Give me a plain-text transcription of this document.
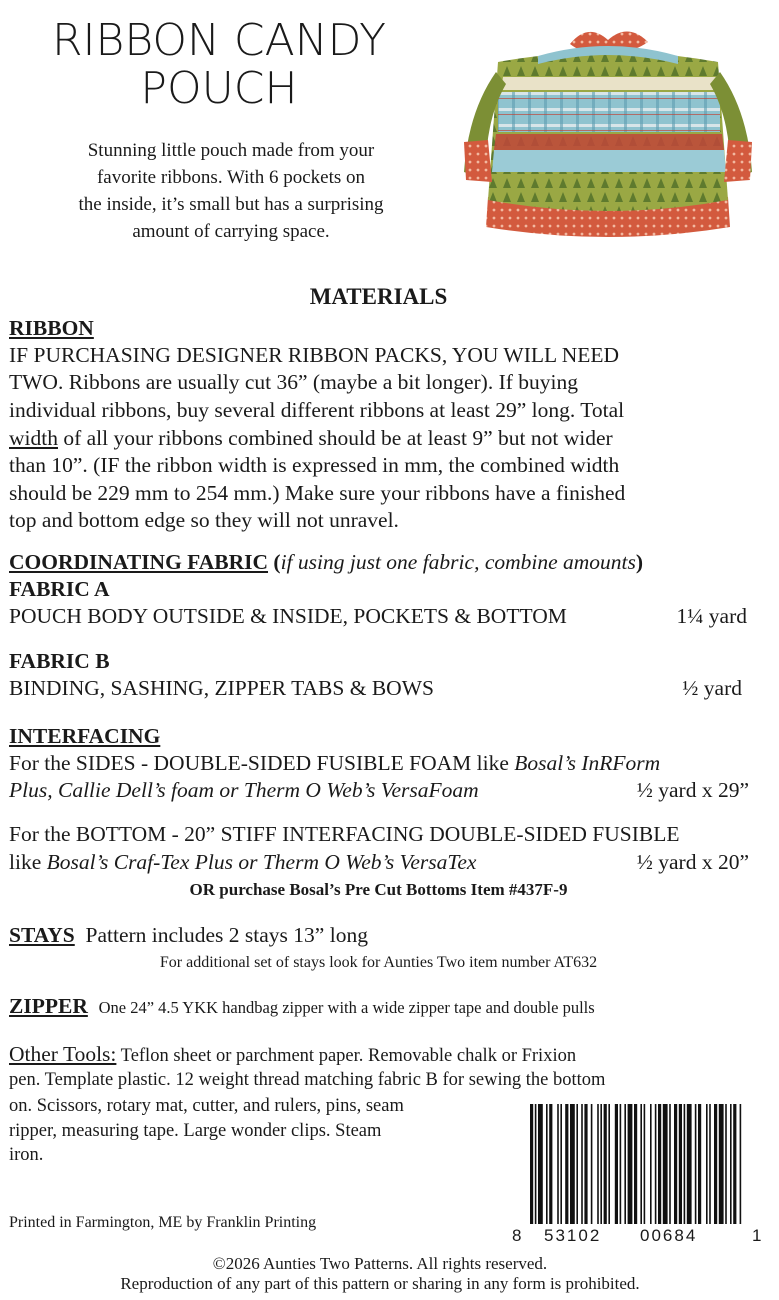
RIBBON CANDY
POUCH
Stunning little pouch made from your
favorite ribbons. With 6 pockets on
the inside, it’s small but has a surprising
amount of carrying space.
MATERIALS
RIBBON
IF PURCHASING DESIGNER RIBBON PACKS, YOU WILL NEED
TWO. Ribbons are usually cut 36” (maybe a bit longer). If buying
individual ribbons, buy several different ribbons at least 29” long. Total
width of all your ribbons combined should be at least 9” but not wider
than 10”. (IF the ribbon width is expressed in mm, the combined width
should be 229 mm to 254 mm.) Make sure your ribbons have a finished
top and bottom edge so they will not unravel.
COORDINATING FABRIC (if using just one fabric, combine amounts)
FABRIC A
POUCH BODY OUTSIDE & INSIDE, POCKETS & BOTTOM	1¼ yard
FABRIC B
BINDING, SASHING, ZIPPER TABS & BOWS	½ yard
INTERFACING
For the SIDES - DOUBLE-SIDED FUSIBLE FOAM like Bosal’s InRForm
Plus, Callie Dell’s foam or Therm O Web’s VersaFoam	½ yard x 29”
For the BOTTOM - 20” STIFF INTERFACING DOUBLE-SIDED FUSIBLE
like Bosal’s Craf-Tex Plus or Therm O Web’s VersaTex	½ yard x 20”
OR purchase Bosal’s Pre Cut Bottoms Item #437F-9
STAYS Pattern includes 2 stays 13” long
For additional set of stays look for Aunties Two item number AT632
ZIPPER One 24” 4.5 YKK handbag zipper with a wide zipper tape and double pulls
Other Tools: Teflon sheet or parchment paper. Removable chalk or Frixion
pen. Template plastic. 12 weight thread matching fabric B for sewing the bottom
on. Scissors, rotary mat, cutter, and rulers, pins, seam
ripper, measuring tape. Large wonder clips. Steam
iron.
Printed in Farmington, ME by Franklin Printing
8 53102 00684	1
©2026 Aunties Two Patterns. All rights reserved.
Reproduction of any part of this pattern or sharing in any form is prohibited.
